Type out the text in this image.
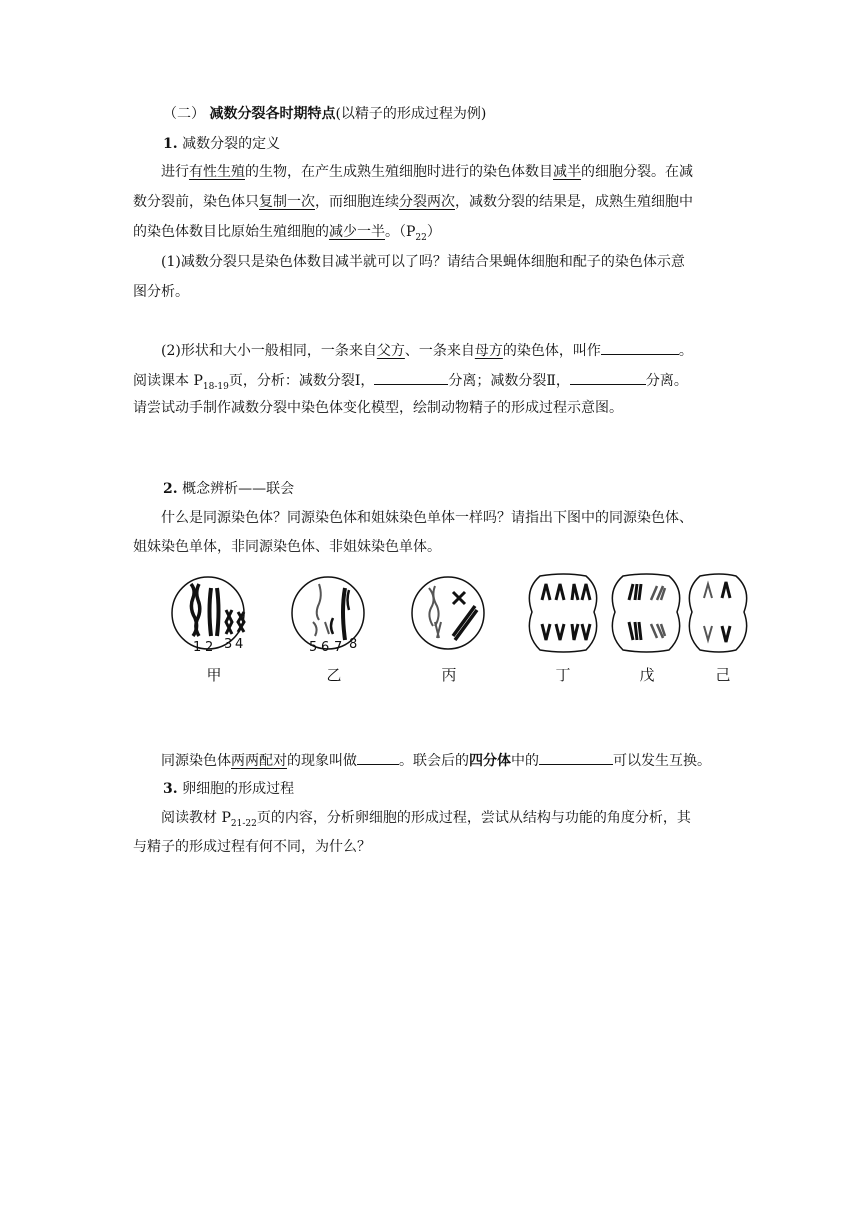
（二） 减数分裂各时期特点(以精子的形成过程为例)
1. 减数分裂的定义
进行有性生殖的生物，在产生成熟生殖细胞时进行的染色体数目减半的细胞分裂。在减
数分裂前，染色体只复制一次，而细胞连续分裂两次，减数分裂的结果是，成熟生殖细胞中
的染色体数目比原始生殖细胞的减少一半。$(P_{22})$
(1)减数分裂只是染色体数目减半就可以了吗？请结合果蝇体细胞和配子的染色体示意
图分析。
(2)形状和大小一般相同，一条来自父方、一条来自母方的染色体，叫作	。
阅读课本 $P_{18-19}$页，分析：减数分裂Ⅰ，	分离；减数分裂Ⅱ，	分离。
请尝试动手制作减数分裂中染色体变化模型，绘制动物精子的形成过程示意图。
2. 概念辨析——联会
什么是同源染色体？同源染色体和姐妹染色单体一样吗？请指出下图中的同源染色体、
姐妹染色单体，非同源染色体、非姐妹染色单体。
1 2 3 4	5 6 7 8
甲	乙	丙	丁	戊	己
同源染色体两两配对的现象叫做	。联会后的四分体中的	可以发生互换。
3. 卵细胞的形成过程
阅读教材 $P_{21-22}$页的内容，分析卵细胞的形成过程，尝试从结构与功能的角度分析，其
与精子的形成过程有何不同，为什么？
